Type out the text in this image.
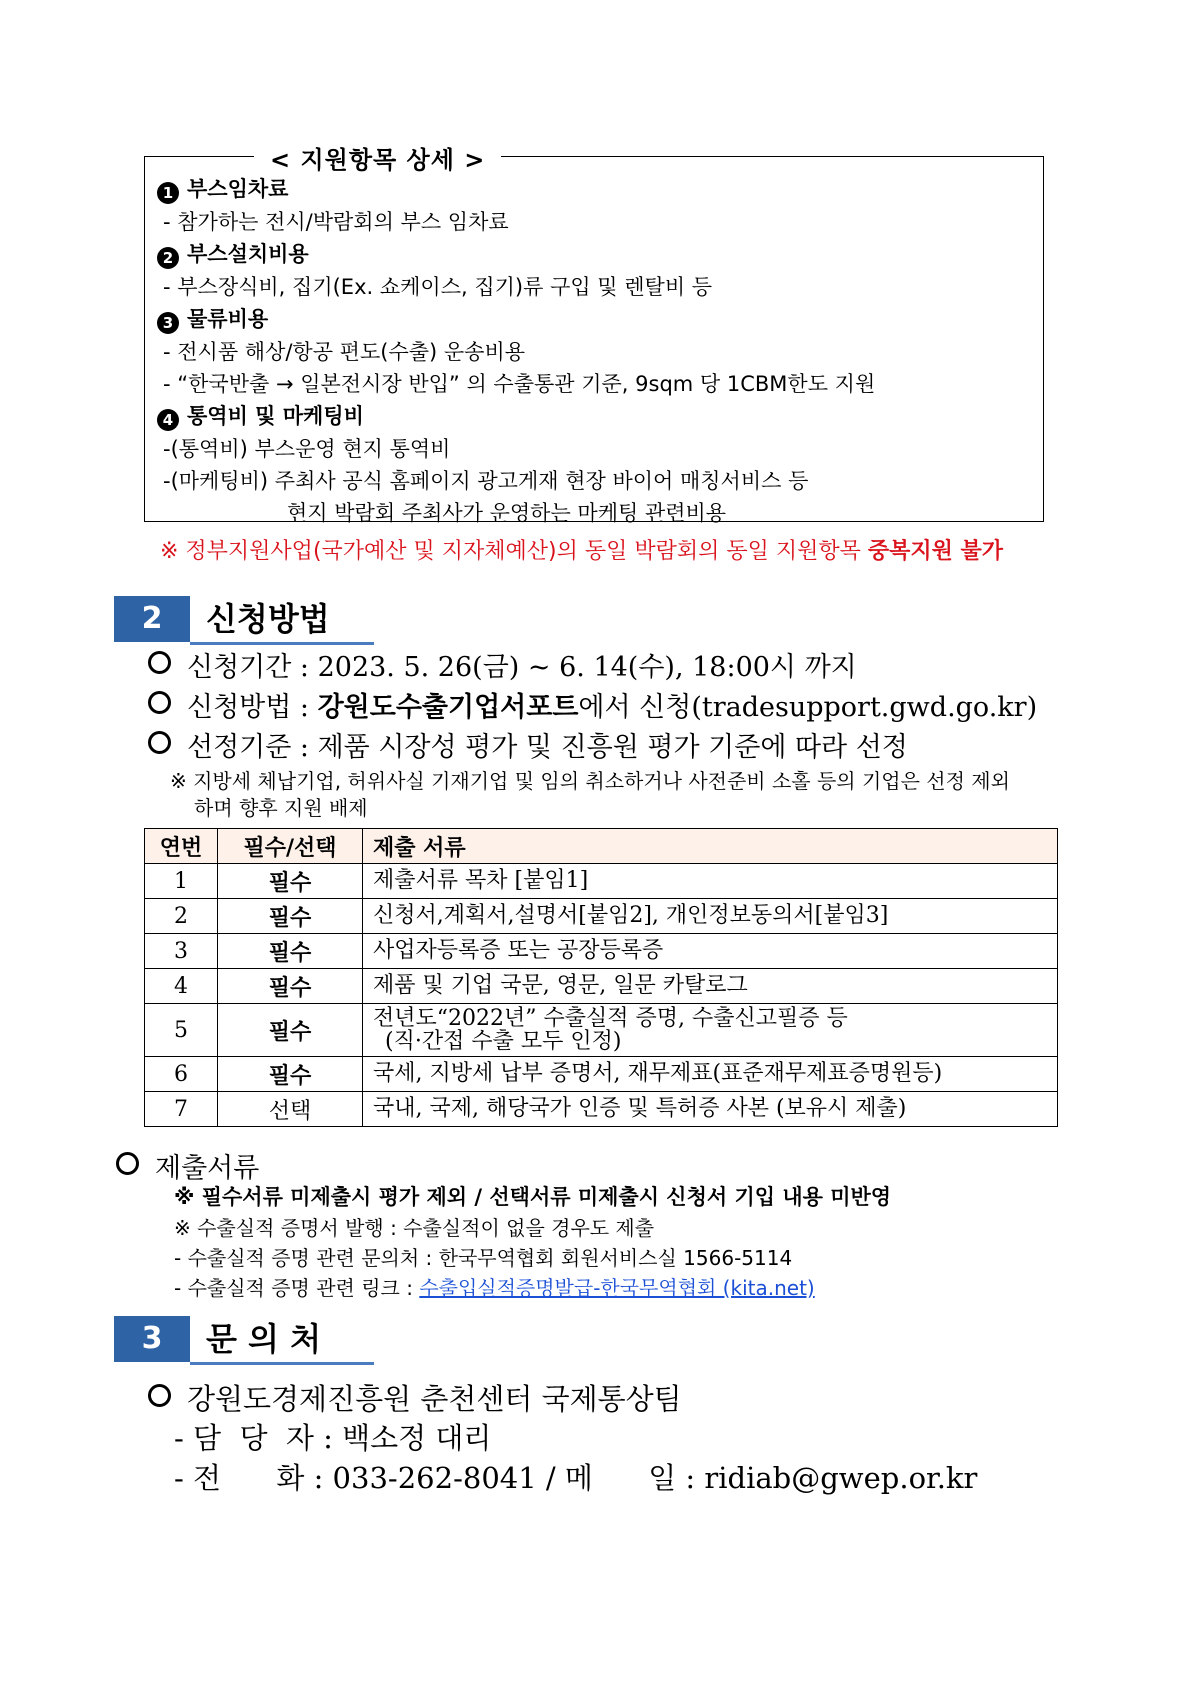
1 부스임차료
- 참가하는 전시/박람회의 부스 임차료
2 부스설치비용
- 부스장식비, 집기(Ex. 쇼케이스, 집기)류 구입 및 렌탈비 등
3 물류비용
- 전시품 해상/항공 편도(수출) 운송비용
- “한국반출 → 일본전시장 반입” 의 수출통관 기준, 9sqm 당 1CBM한도 지원
4 통역비 및 마케팅비
-(통역비) 부스운영 현지 통역비
-(마케팅비) 주최사 공식 홈페이지 광고게재 현장 바이어 매칭서비스 등
현지 박람회 주최사가 운영하는 마케팅 관련비용
< 지원항목 상세 >
※ 정부지원사업(국가예산 및 지자체예산)의 동일 박람회의 동일 지원항목 중복지원 불가
2	신청방법
신청기간 : 2023. 5. 26(금) ~ 6. 14(수), 18:00시 까지
신청방법 : 강원도수출기업서포트에서 신청(tradesupport.gwd.go.kr)
선정기준 : 제품 시장성 평가 및 진흥원 평가 기준에 따라 선정
※ 지방세 체납기업, 허위사실 기재기업 및 임의 취소하거나 사전준비 소홀 등의 기업은 선정 제외
하며 향후 지원 배제
연번	필수/선택	제출 서류
1	필수	제출서류 목차 [붙임1]
2	필수	신청서,계획서,설명서[붙임2], 개인정보동의서[붙임3]
3	필수	사업자등록증 또는 공장등록증
4	필수	제품 및 기업 국문, 영문, 일문 카탈로그
5	필수	전년도“2022년” 수출실적 증명, 수출신고필증 등
(직·간접 수출 모두 인정)

6	필수	국세, 지방세 납부 증명서, 재무제표(표준재무제표증명원등)
7	선택	국내, 국제, 해당국가 인증 및 특허증 사본 (보유시 제출)
제출서류
※ 필수서류 미제출시 평가 제외 / 선택서류 미제출시 신청서 기입 내용 미반영
※ 수출실적 증명서 발행 : 수출실적이 없을 경우도 제출
- 수출실적 증명 관련 문의처 : 한국무역협회 회원서비스실 1566-5114
- 수출실적 증명 관련 링크 : 수출입실적증명발급-한국무역협회 (kita.net)
3	문 의 처
강원도경제진흥원 춘천센터 국제통상팀
- 담  당  자 : 백소정 대리
- 전      화 : 033-262-8041 / 메      일 : ridiab@gwep.or.kr
